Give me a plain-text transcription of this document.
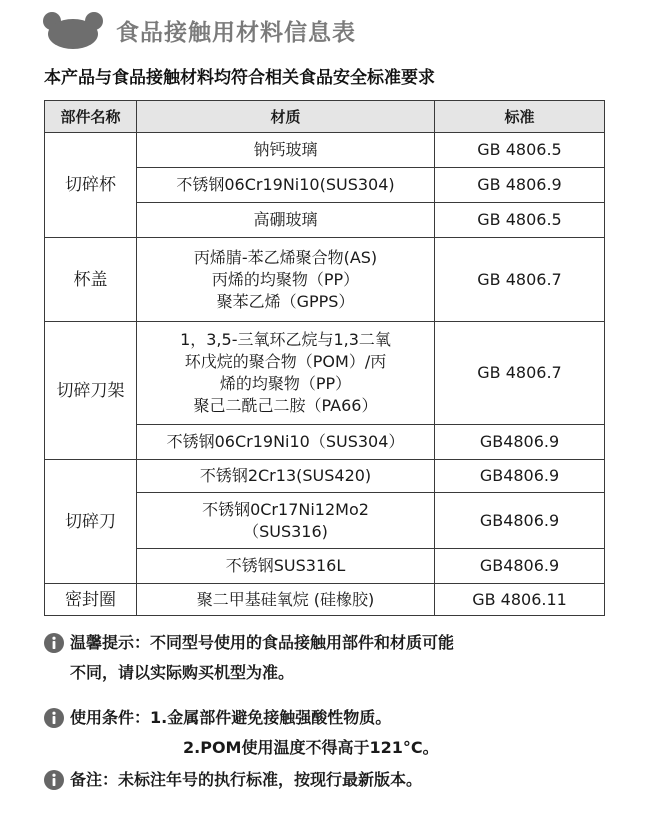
食品接触用材料信息表
本产品与食品接触材料均符合相关食品安全标准要求
部件名称	材质	标准
切碎杯	钠钙玻璃	GB 4806.5
	不锈钢06Cr19Ni10(SUS304)	GB 4806.9
	高硼玻璃	GB 4806.5
杯盖	丙烯腈-苯乙烯聚合物(AS)
丙烯的均聚物（PP）
聚苯乙烯（GPPS）	GB 4806.7
切碎刀架	1，3,5-三氧环乙烷与1,3二氧
环戊烷的聚合物（POM）/丙
烯的均聚物（PP）
聚己二酰己二胺（PA66）	GB 4806.7
	不锈钢06Cr19Ni10（SUS304）	GB4806.9
切碎刀	不锈钢2Cr13(SUS420)	GB4806.9

	不锈钢0Cr17Ni12Mo2
（SUS316)	GB4806.9
	不锈钢SUS316L	GB4806.9
密封圈	聚二甲基硅氧烷 (硅橡胶)	GB 4806.11
温馨提示：不同型号使用的食品接触用部件和材质可能
不同，请以实际购买机型为准。
使用条件：1.金属部件避免接触强酸性物质。
2.POM使用温度不得高于121°C。
备注：未标注年号的执行标准，按现行最新版本。
